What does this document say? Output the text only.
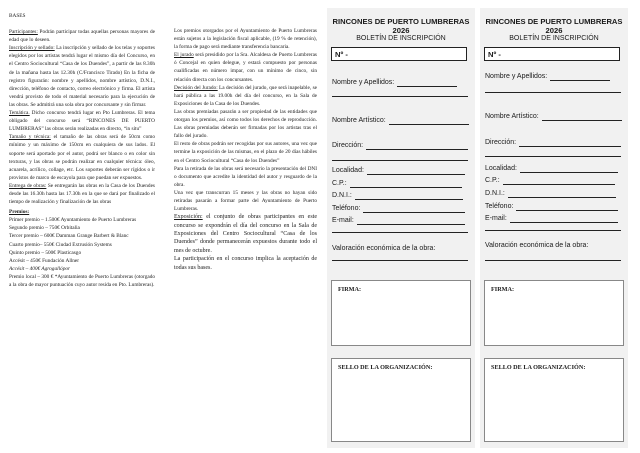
BASES

Participantes: Podrán participar todas aquellas personas mayores de edad que lo deseen.

Inscripción y sellado: La inscripción y sellado de los telas y soportes elegidos por los artistas tendrá lugar el mismo día del Concurso, en el Centro Sociocultural “Casa de los Duendes”, a partir de las 8.30h de la mañana hasta las 12.30h (C/Francisco Tirado) En la ficha de registro figurarán: nombre y apellidos, nombre artístico, D.N.I., dirección, teléfono de contacto, correo electrónico y firma. El artista vendrá provisto de todo el material necesario para la ejecución de las obras. Se admitirá una sola obra por concursante y sin firmar.

Temática. Dicho concurso tendrá lugar en Pto Lumbreras. El tema obligado del concurso será “RINCONES DE PUERTO LUMBRERAS” las obras serán realizadas en directo, “in situ”

Tamaño y técnica: el tamaño de las obras será de 50cm como mínimo y un máximo de 150cm en cualquiera de sus lados. El soporte será aportado por el autor, podrá ser blanco o en color sin texturas, y las obras se podrán realizar en cualquier técnica: óleo, acuarela, acrílico, collage, etc. Los soportes deberán ser rígidos o ir provistos de marco de escayola para que puedan ser expuestos.

Entrega de obras: Se entregarán las obras en la Casa de los Duendes desde las 16.30h hasta las 17.30h en la que se dará por finalizado el tiempo de realización y finalización de las obras

Premios:

Primer premio – 1.500€ Ayuntamiento de Puerto Lumbreras

Segundo premio – 750€ Orbitalia

Tercer premio – 600€ Damman Grange Barbert & Blanc

Cuarto premio– 550€ Ciudad Extrusión Systems

Quinto premio – 500€ Plasticasgo

Accésit – 450€ Fundación Allner

Accésit – 400€ Agrogallópor

Premio local – 300 € *Ayuntamiento de Puerto Lumbreras (otorgado a la obra de mayor puntuación cuyo autor resida en Pto. Lumbreras).

Los premios otorgados por el Ayuntamiento de Puerto Lumbreras están sujetos a la legislación fiscal aplicable, (19 % de retención), la forma de pago será mediante transferencia bancaria.

El jurado será presidido por la Sra. Alcaldesa de Puerto Lumbreras ó Concejal en quien delegue, y estará compuesto por personas cualificadas en número impar, con un mínimo de cinco, sin relación directa con los concursantes.

Decisión del Jurado: La decisión del jurado, que será inapelable, se hará pública a las 19.00h del día del concurso, en la Sala de Exposiciones de la Casa de los Duendes.

Las obras premiadas pasarán a ser propiedad de las entidades que otorgan los premios, así como todos los derechos de reproducción. Las obras premiadas deberán ser firmadas por los artistas tras el fallo del jurado.

El resto de obras podrán ser recogidas por sus autores, una vez que termine la exposición de las mismas, en el plazo de 20 días hábiles en el Centro Sociocultural “Casa de los Duendes”

Para la retirada de las obras será necesario la presentación del DNI o documento que acredite la identidad del autor y resguardo de la obra.

Una vez que transcurran 15 meses y las obras no hayan sido retiradas pasarán a formar parte del Ayuntamiento de Puerto Lumbreras.

Exposición: el conjunto de obras participantes en este concurso se expondrán el día del concurso en la Sala de Exposiciones del Centro Sociocultural “Casa de los Duendes” donde permanecerán expuestos durante todo el mes de octubre.

La participación en el concurso implica la aceptación de todas sus bases.

RINCONES DE PUERTO LUMBRERAS
2026
BOLETÍN DE INSCRIPCIÓN
Nº -
Nombre y Apellidos:
Nombre Artístico:
Dirección:
Localidad:
C.P.:
D.N.I.:
Teléfono:
E-mail:
Valoración económica de la obra:
FIRMA:
SELLO DE LA ORGANIZACIÓN:
RINCONES DE PUERTO LUMBRERAS
2026
BOLETÍN DE INSCRIPCIÓN
Nº -
Nombre y Apellidos:
Nombre Artístico:
Dirección:
Localidad:
C.P.:
D.N.I.:
Teléfono:
E-mail:
Valoración económica de la obra:
FIRMA:
SELLO DE LA ORGANIZACIÓN:
